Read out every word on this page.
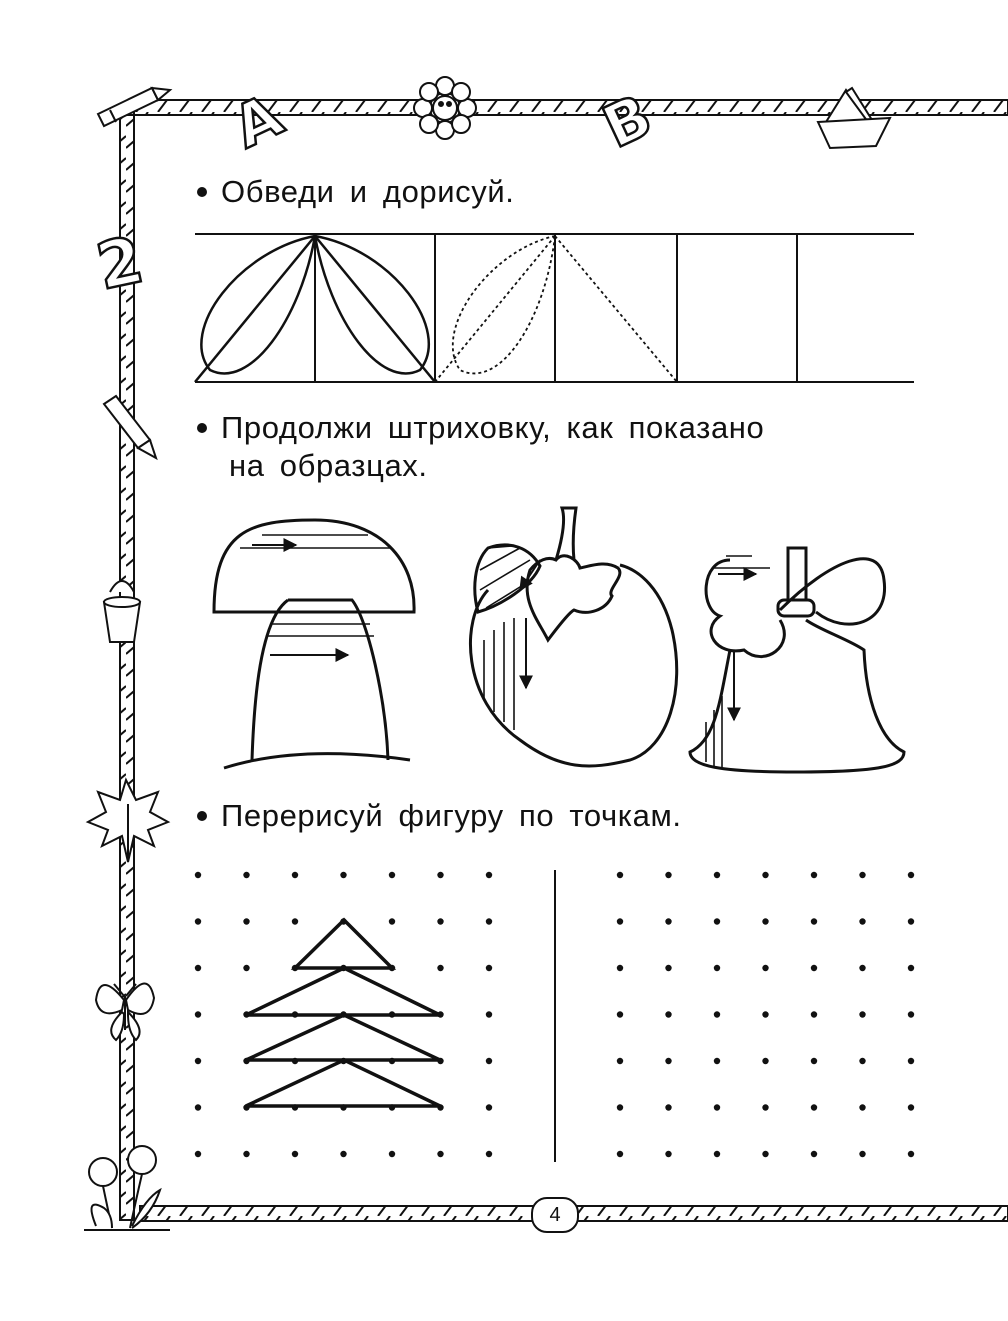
А	В
2
Обведи и дорисуй.
Продолжи штриховку, как показано
на образцах.
Перерисуй фигуру по точкам.
4
